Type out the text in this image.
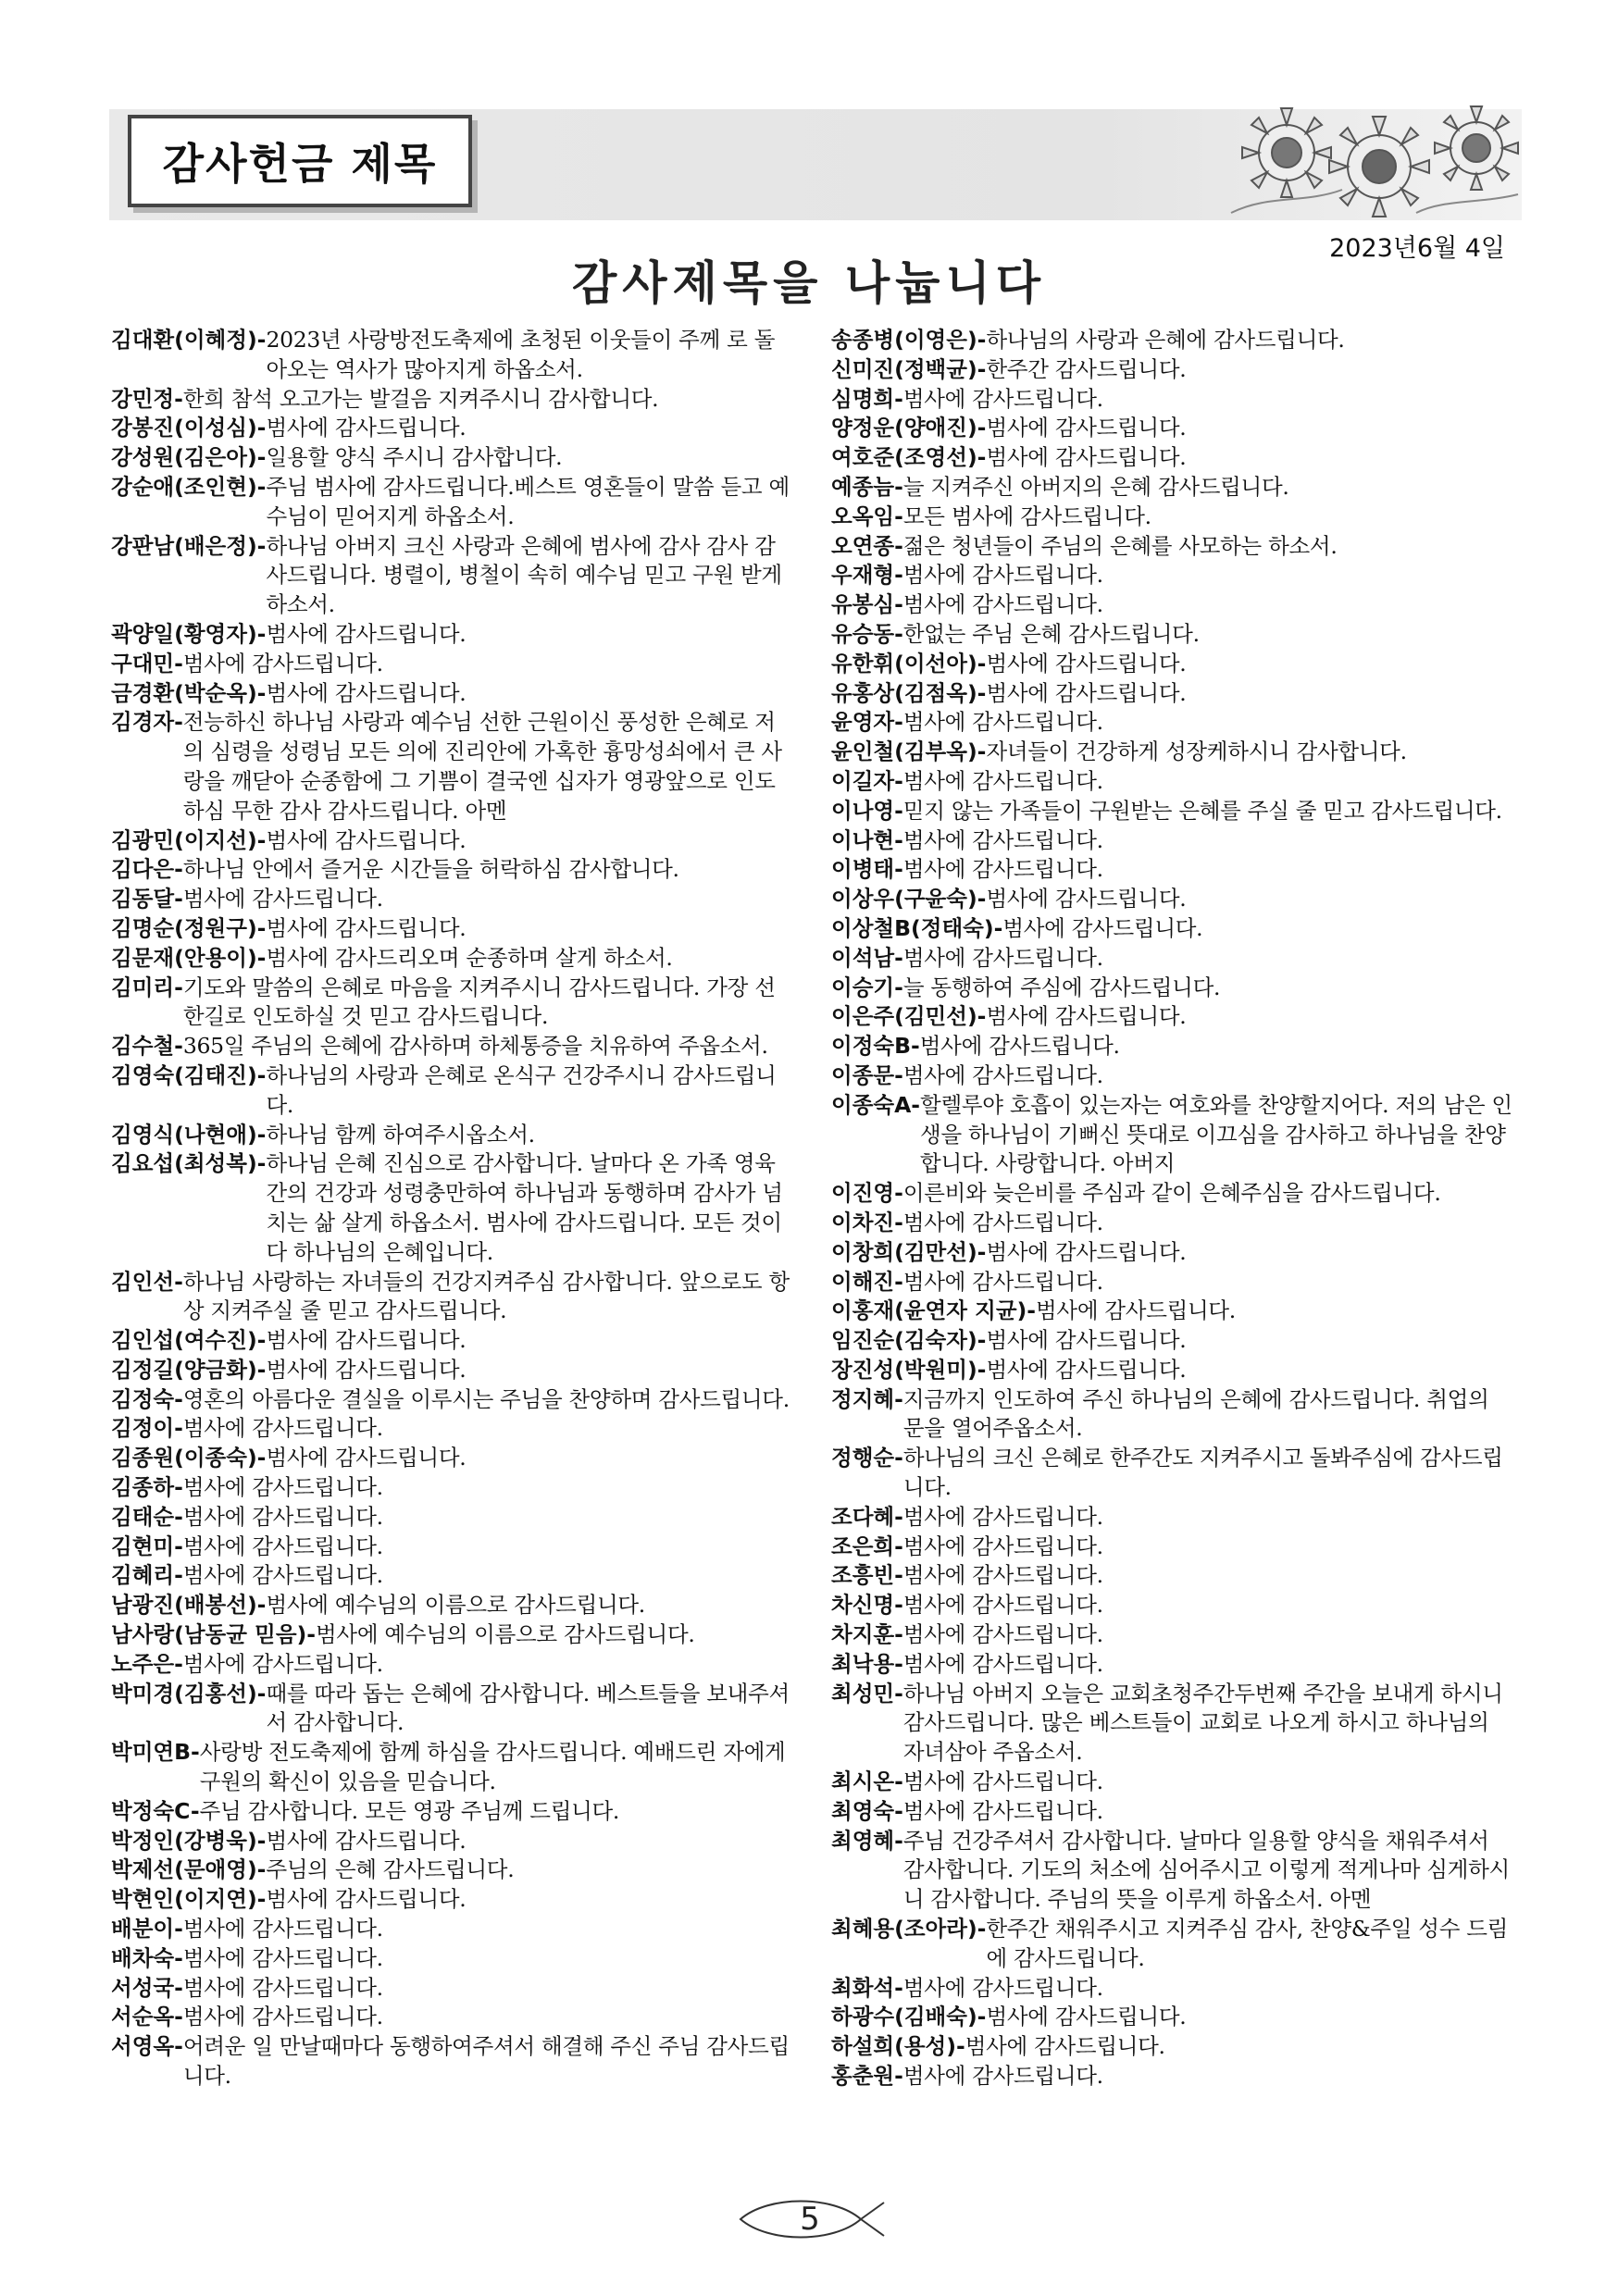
감사헌금 제목
2023년6월 4일
감사제목을 나눕니다
김대환(이혜정)- 2023년 사랑방전도축제에 초청된 이웃들이 주께 로 돌아오는 역사가 많아지게 하옵소서.
강민정- 한희 참석 오고가는 발걸음 지켜주시니 감사합니다.
강봉진(이성심)- 범사에 감사드립니다.
강성원(김은아)- 일용할 양식 주시니 감사합니다.
강순애(조인현)- 주님 범사에 감사드립니다.베스트 영혼들이 말씀 듣고 예수님이 믿어지게 하옵소서.
강판남(배은정)- 하나님 아버지 크신 사랑과 은혜에 범사에 감사 감사 감사드립니다. 병렬이, 병철이 속히 예수님 믿고 구원 받게 하소서.
곽양일(황영자)- 범사에 감사드립니다.
구대민- 범사에 감사드립니다.
금경환(박순옥)- 범사에 감사드립니다.
김경자- 전능하신 하나님 사랑과 예수님 선한 근원이신 풍성한 은혜로 저의 심령을 성령님 모든 의에 진리안에 가혹한 흉망성쇠에서 큰 사랑을 깨닫아 순종함에 그 기쁨이 결국엔 십자가 영광앞으로 인도하심 무한 감사 감사드립니다. 아멘
김광민(이지선)- 범사에 감사드립니다.
김다은- 하나님 안에서 즐거운 시간들을 허락하심 감사합니다.
김동달- 범사에 감사드립니다.
김명순(정원구)- 범사에 감사드립니다.
김문재(안용이)- 범사에 감사드리오며 순종하며 살게 하소서.
김미리- 기도와 말씀의 은혜로 마음을 지켜주시니 감사드립니다. 가장 선한길로 인도하실 것 믿고 감사드립니다.
김수철- 365일 주님의 은혜에 감사하며 하체통증을 치유하여 주옵소서.
김영숙(김태진)- 하나님의 사랑과 은혜로 온식구 건강주시니 감사드립니다.
김영식(나현애)- 하나님 함께 하여주시옵소서.
김요섭(최성복)- 하나님 은혜 진심으로 감사합니다. 날마다 온 가족 영육간의 건강과 성령충만하여 하나님과 동행하며 감사가 넘치는 삶 살게 하옵소서. 범사에 감사드립니다. 모든 것이 다 하나님의 은혜입니다.
김인선- 하나님 사랑하는 자녀들의 건강지켜주심 감사합니다. 앞으로도 항상 지켜주실 줄 믿고 감사드립니다.
김인섭(여수진)- 범사에 감사드립니다.
김정길(양금화)- 범사에 감사드립니다.
김정숙- 영혼의 아름다운 결실을 이루시는 주님을 찬양하며 감사드립니다.
김정이- 범사에 감사드립니다.
김종원(이종숙)- 범사에 감사드립니다.
김종하- 범사에 감사드립니다.
김태순- 범사에 감사드립니다.
김현미- 범사에 감사드립니다.
김혜리- 범사에 감사드립니다.
남광진(배봉선)- 범사에 예수님의 이름으로 감사드립니다.
남사랑(남동균 믿음)- 범사에 예수님의 이름으로 감사드립니다.
노주은- 범사에 감사드립니다.
박미경(김홍선)- 때를 따라 돕는 은혜에 감사합니다. 베스트들을 보내주셔서 감사합니다.
박미연B- 사랑방 전도축제에 함께 하심을 감사드립니다. 예배드린 자에게 구원의 확신이 있음을 믿습니다.
박정숙C- 주님 감사합니다. 모든 영광 주님께 드립니다.
박정인(강병욱)- 범사에 감사드립니다.
박제선(문애영)- 주님의 은혜 감사드립니다.
박현인(이지연)- 범사에 감사드립니다.
배분이- 범사에 감사드립니다.
배차숙- 범사에 감사드립니다.
서성국- 범사에 감사드립니다.
서순옥- 범사에 감사드립니다.
서영옥- 어려운 일 만날때마다 동행하여주셔서 해결해 주신 주님 감사드립니다.
송종병(이영은)- 하나님의 사랑과 은혜에 감사드립니다.
신미진(정백균)- 한주간 감사드립니다.
심명희- 범사에 감사드립니다.
양정운(양애진)- 범사에 감사드립니다.
여호준(조영선)- 범사에 감사드립니다.
예종늠- 늘 지켜주신 아버지의 은혜 감사드립니다.
오옥임- 모든 범사에 감사드립니다.
오연종- 젊은 청년들이 주님의 은혜를 사모하는 하소서.
우재형- 범사에 감사드립니다.
유봉심- 범사에 감사드립니다.
유승동- 한없는 주님 은혜 감사드립니다.
유한휘(이선아)- 범사에 감사드립니다.
유홍상(김점옥)- 범사에 감사드립니다.
윤영자- 범사에 감사드립니다.
윤인철(김부옥)- 자녀들이 건강하게 성장케하시니 감사합니다.
이길자- 범사에 감사드립니다.
이나영- 믿지 않는 가족들이 구원받는 은혜를 주실 줄 믿고 감사드립니다.
이나현- 범사에 감사드립니다.
이병태- 범사에 감사드립니다.
이상우(구윤숙)- 범사에 감사드립니다.
이상철B(정태숙)- 범사에 감사드립니다.
이석남- 범사에 감사드립니다.
이승기- 늘 동행하여 주심에 감사드립니다.
이은주(김민선)- 범사에 감사드립니다.
이정숙B- 범사에 감사드립니다.
이종문- 범사에 감사드립니다.
이종숙A- 할렐루야 호흡이 있는자는 여호와를 찬양할지어다. 저의 남은 인생을 하나님이 기뻐신 뜻대로 이끄심을 감사하고 하나님을 찬양합니다. 사랑합니다. 아버지
이진영- 이른비와 늦은비를 주심과 같이 은혜주심을 감사드립니다.
이차진- 범사에 감사드립니다.
이창희(김만선)- 범사에 감사드립니다.
이해진- 범사에 감사드립니다.
이홍재(윤연자 지균)- 범사에 감사드립니다.
임진순(김숙자)- 범사에 감사드립니다.
장진성(박원미)- 범사에 감사드립니다.
정지혜- 지금까지 인도하여 주신 하나님의 은혜에 감사드립니다. 취업의 문을 열어주옵소서.
정행순- 하나님의 크신 은혜로 한주간도 지켜주시고 돌봐주심에 감사드립니다.
조다혜- 범사에 감사드립니다.
조은희- 범사에 감사드립니다.
조흥빈- 범사에 감사드립니다.
차신명- 범사에 감사드립니다.
차지훈- 범사에 감사드립니다.
최낙용- 범사에 감사드립니다.
최성민- 하나님 아버지 오늘은 교회초청주간두번째 주간을 보내게 하시니 감사드립니다. 많은 베스트들이 교회로 나오게 하시고 하나님의 자녀삼아 주옵소서.
최시온- 범사에 감사드립니다.
최영숙- 범사에 감사드립니다.
최영혜- 주님 건강주셔서 감사합니다. 날마다 일용할 양식을 채워주셔서 감사합니다. 기도의 처소에 심어주시고 이렇게 적게나마 심게하시니 감사합니다. 주님의 뜻을 이루게 하옵소서. 아멘
최혜용(조아라)- 한주간 채워주시고 지켜주심 감사, 찬양&주일 성수 드림에 감사드립니다.
최화석- 범사에 감사드립니다.
하광수(김배숙)- 범사에 감사드립니다.
하설희(용성)- 범사에 감사드립니다.
홍춘원- 범사에 감사드립니다.
5
